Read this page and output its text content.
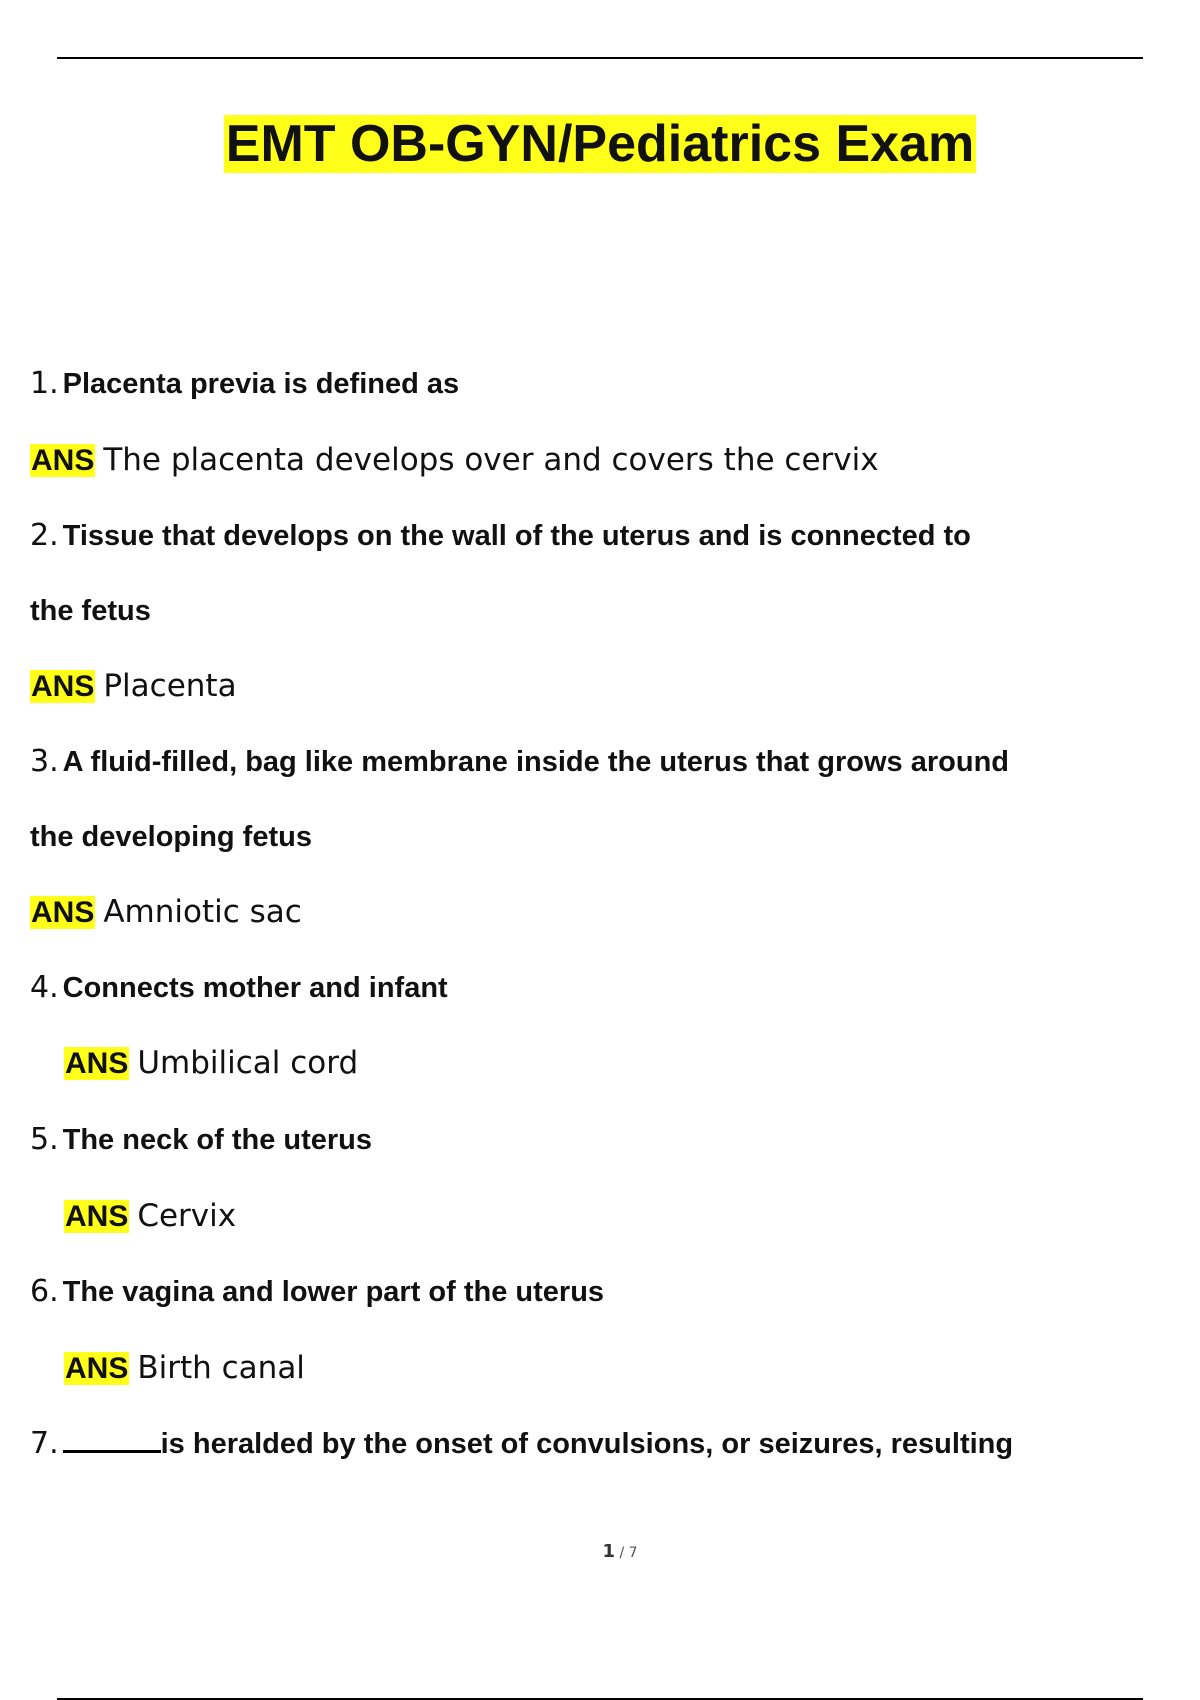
EMT OB-GYN/Pediatrics Exam
1. Placenta previa is defined as
ANS The placenta develops over and covers the cervix
2. Tissue that develops on the wall of the uterus and is connected to
the fetus
ANS Placenta
3. A fluid-filled, bag like membrane inside the uterus that grows around
the developing fetus
ANS Amniotic sac
4. Connects mother and infant
ANS Umbilical cord
5. The neck of the uterus
ANS Cervix
6. The vagina and lower part of the uterus
ANS Birth canal
7.	is heralded by the onset of convulsions, or seizures, resulting
1 / 7
